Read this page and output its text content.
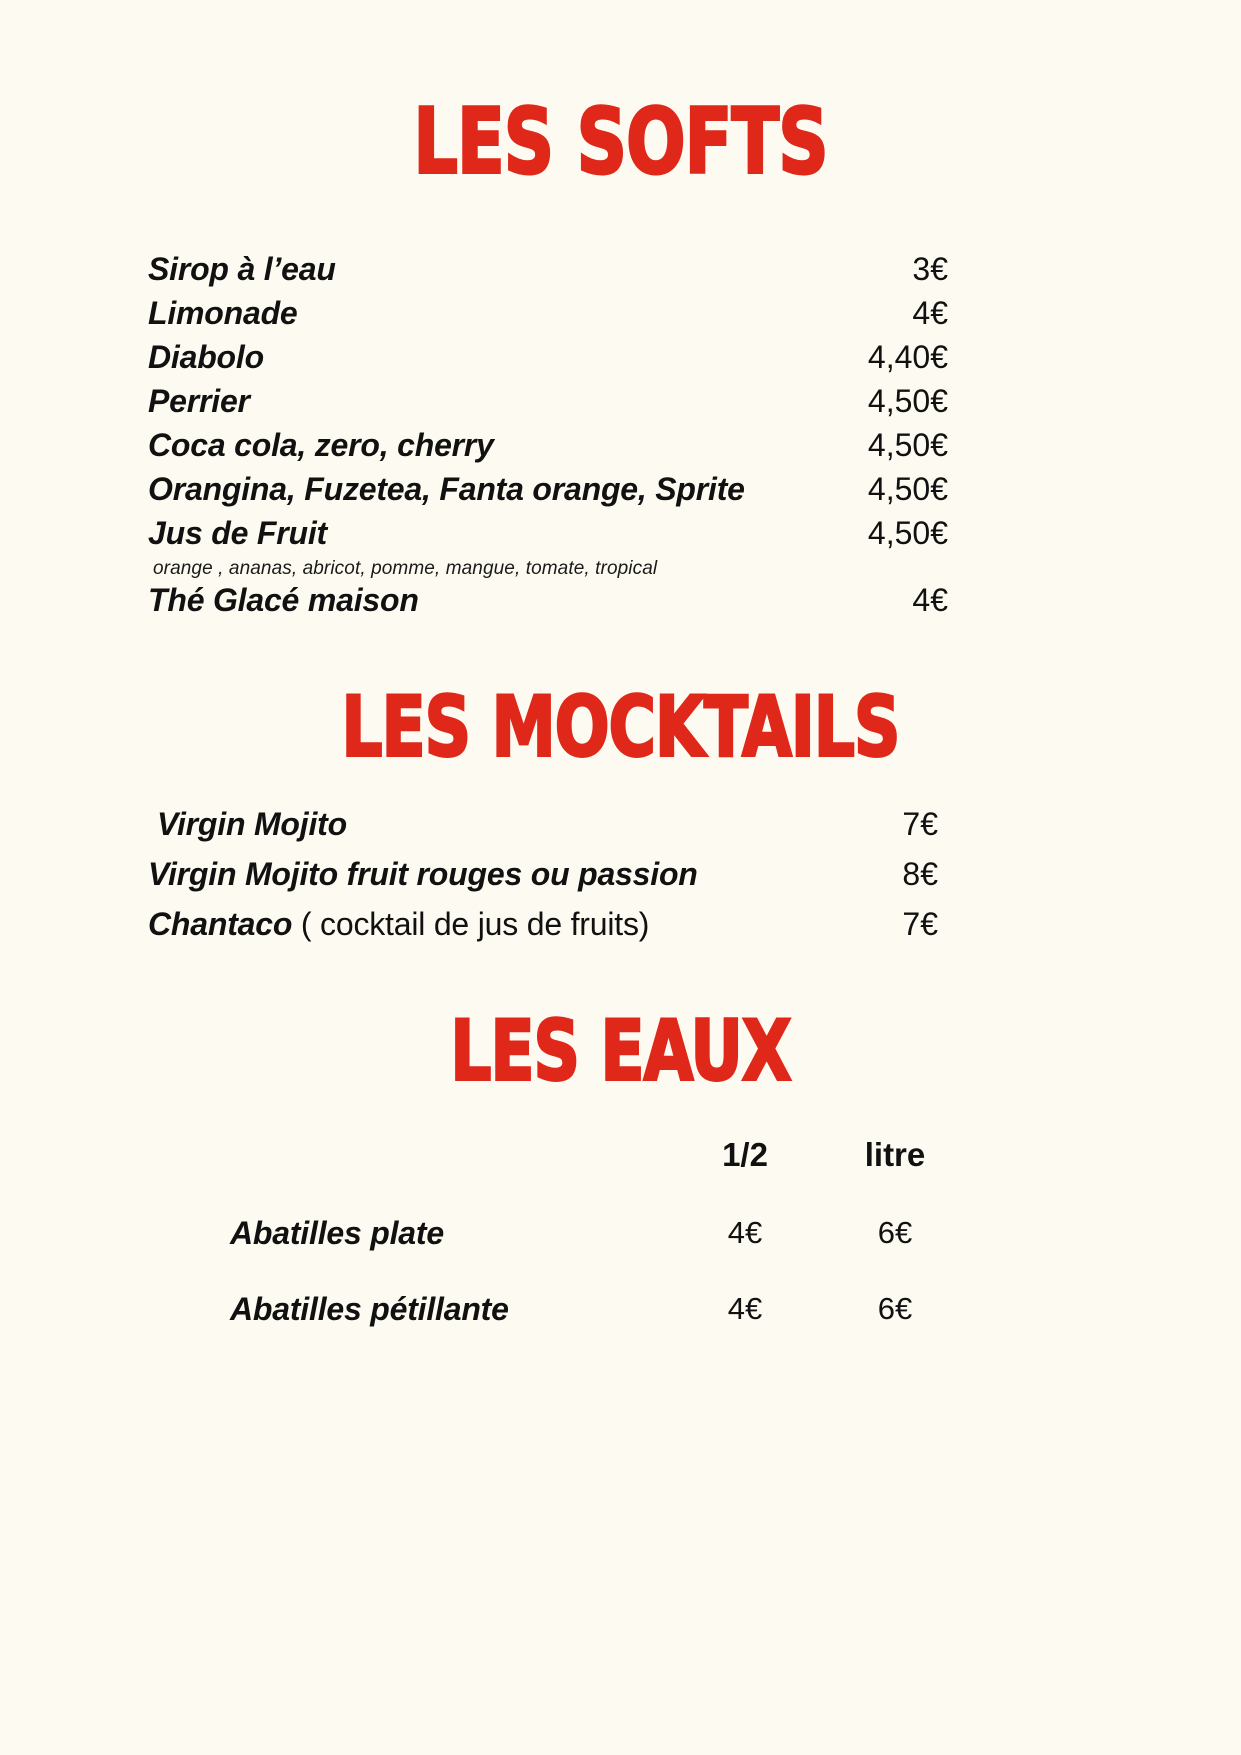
LES SOFTS
Sirop à l’eau	3€
Limonade	4€
Diabolo	4,40€
Perrier	4,50€
Coca cola, zero, cherry	4,50€
Orangina, Fuzetea, Fanta orange, Sprite	4,50€
Jus de Fruit	4,50€
orange , ananas, abricot, pomme, mangue, tomate, tropical
Thé Glacé maison	4€
LES MOCKTAILS
Virgin Mojito	7€
Virgin Mojito fruit rouges ou passion	8€
Chantaco ( cocktail de jus de fruits)	7€
LES EAUX
	1/2	litre
Abatilles plate	4€	6€
Abatilles pétillante	4€	6€
